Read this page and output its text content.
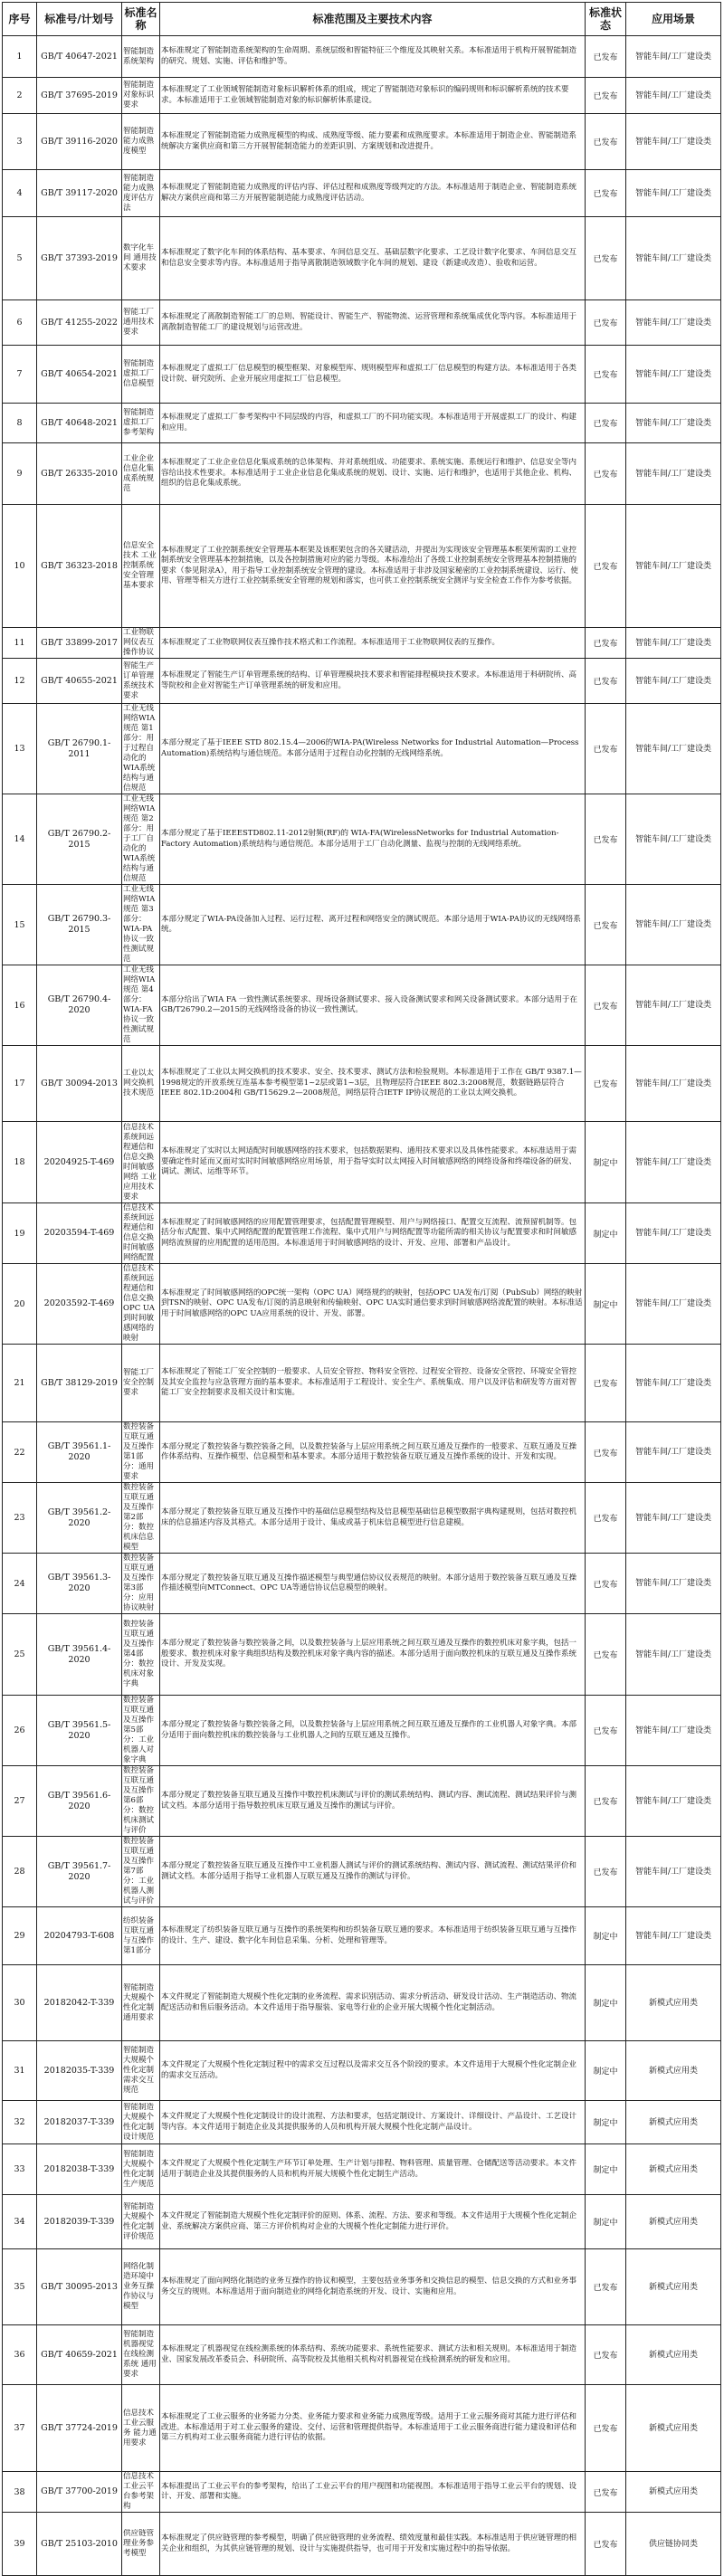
序号	标准号/计划号	标准名称	标准范围及主要技术内容	标准状态	应用场景

1	GB/T 40647-2021	智能制造系统架构	本标准规定了智能制造系统架构的生命周期、系统层级和智能特征三个维度及其映射关系。本标准适用于机构开展智能制造的研究、规划、实施、评估和维护等。	已发布	智能车间/工厂建设类

2	GB/T 37695-2019	智能制造对象标识要求	本标准规定了工业领域智能制造对象标识解析体系的组成，规定了智能制造对象标识的编码规则和标识解析系统的技术要求。本标准适用于工业领域智能制造对象的标识解析体系建设。	已发布	智能车间/工厂建设类

3	GB/T 39116-2020	智能制造能力成熟度模型	本标准规定了智能制造能力成熟度模型的构成、成熟度等级、能力要素和成熟度要求。本标准适用于制造企业、智能制造系统解决方案供应商和第三方开展智能制造能力的差距识别、方案规划和改进提升。	已发布	智能车间/工厂建设类

4	GB/T 39117-2020	智能制造能力成熟度评估方法	本标准规定了智能制造能力成熟度的评估内容、评估过程和成熟度等级判定的方法。本标准适用于制造企业、智能制造系统解决方案供应商和第三方开展智能制造能力成熟度评估活动。	已发布	智能车间/工厂建设类

5	GB/T 37393-2019	数字化车间 通用技术要求	本标准规定了数字化车间的体系结构、基本要求、车间信息交互、基础层数字化要求、工艺设计数字化要求、车间信息交互和信息安全要求等内容。本标准适用于指导离散制造领域数字化车间的规划、建设（新建或改造）、验收和运营。	已发布	智能车间/工厂建设类

6	GB/T 41255-2022	智能工厂通用技术要求	本标准规定了离散制造智能工厂的总则、智能设计、智能生产、智能物流、运营管理和系统集成优化等内容。本标准适用于离散制造智能工厂的建设规划与运营改进。	已发布	智能车间/工厂建设类

7	GB/T 40654-2021	智能制造 虚拟工厂信息模型	本标准规定了虚拟工厂信息模型的模型框架、对象模型库、规则模型库和虚拟工厂信息模型的构建方法。本标准适用于各类设计院、研究院所、企业开展应用虚拟工厂信息模型。	已发布	智能车间/工厂建设类

8	GB/T 40648-2021	智能制造 虚拟工厂参考架构	本标准规定了虚拟工厂参考架构中不同层级的内容，和虚拟工厂的不同功能实现。本标准适用于开展虚拟工厂的设计、构建和应用。	已发布	智能车间/工厂建设类

9	GB/T 26335-2010	工业企业信息化集成系统规范	本标准规定了工业企业信息化集成系统的总体架构、并对系统组成、功能要求、系统实施、系统运行和维护、信息安全等内容给出技术性要求。本标准适用于工业企业信息化集成系统的规划、设计、实施、运行和维护，也适用于其他企业、机构、组织的信息化集成系统。	已发布	智能车间/工厂建设类

10	GB/T 36323-2018	信息安全技术 工业控制系统安全管理基本要求	本标准规定了工业控制系统安全管理基本框架及该框架包含的各关键活动，并提出为实现该安全管理基本框架所需的工业控制系统安全管理基本控制措施，以及各控制措施对应的能力等级。本标准给出了各级工业控制系统安全管理基本控制措施的要求（参见附录A），用于指导工业控制系统安全管理的建设。本标准适用于非涉及国家秘密的工业控制系统建设、运行、使用、管理等相关方进行工业控制系统安全管理的规划和落实，也可供工业控制系统安全测评与安全检查工作作为参考依据。	已发布	智能车间/工厂建设类

11	GB/T 33899-2017	工业物联网仪表互操作协议	本标准规定了工业物联网仪表互操作技术格式和工作流程。本标准适用于工业物联网仪表的互操作。	已发布	智能车间/工厂建设类

12	GB/T 40655-2021	智能生产订单管理系统技术要求	本标准规定了智能生产订单管理系统的结构、订单管理模块技术要求和智能排程模块技术要求。本标准适用于科研院所、高等院校和企业对智能生产订单管理系统的研发和应用。	已发布	智能车间/工厂建设类

13	GB/T 26790.1-2011	工业无线网络WIA规范 第1部分：用于过程自动化的WIA系统结构与通信规范	本部分规定了基于IEEE STD 802.15.4—2006的WIA-PA(Wireless Networks for Industrial Automation—Process Automation)系统结构与通信规范。本部分适用于过程自动化控制的无线网络系统。	已发布	智能车间/工厂建设类

14	GB/T 26790.2-2015	工业无线网络WIA规范 第2部分：用于工厂自动化的WIA系统结构与通信规范	本部分规定了基于IEEESTD802.11-2012射频(RF)的 WIA-FA(WirelessNetworks for Industrial Automation-Factory Automation)系统结构与通信规范。本部分适用于工厂自动化测量、监视与控制的无线网络系统。	已发布	智能车间/工厂建设类

15	GB/T 26790.3-2015	工业无线网络WIA规范 第3部分：WIA-PA协议一致性测试规范	本部分规定了WIA-PA设备加入过程、运行过程、离开过程和网络安全的测试规范。本部分适用于WIA-PA协议的无线网络系统。	已发布	智能车间/工厂建设类

16	GB/T 26790.4-2020	工业无线网络WIA规范 第4部分：WIA-FA协议一致性测试规范	本部分给出了WIA FA 一致性测试系统要求、现场设备测试要求、接入设备测试要求和网关设备测试要求。本部分适用于在 GB/T26790.2—2015的无线网络设备的协议一致性测试。	已发布	智能车间/工厂建设类

17	GB/T 30094-2013	工业以太网交换机技术规范	本标准规定了工业以太网交换机的技术要求、安全、技术要求、测试方法和检验规则。本标准适用于工作在 GB/T 9387.1—1998规定的开放系统互连基本参考模型第1~2层或第1~3层，且物理层符合IEEE 802.3:2008规范，数据链路层符合IEEE 802.1D:2004和 GB/T15629.2—2008规范，网络层符合IETF IP协议规范的工业以太网交换机。	已发布	智能车间/工厂建设类

18	20204925-T-469	信息技术 系统间远程通信和信息交换 时间敏感网络 工业应用技术要求	本标准规定了实时以太网适配时间敏感网络的技术要求，包括数据架构、通用技术要求以及具体性能要求。本标准适用于需要确定性时延而又面对实时时间敏感网络应用场景，用于指导实时以太网接入时间敏感网络的网络设备和终端设备的研发、调试、测试、运维等环节。	制定中	智能车间/工厂建设类

19	20203594-T-469	信息技术 系统间远程通信和信息交换 时间敏感网络配置	本标准规定了时间敏感网络的应用配置管理要求，包括配置管理模型、用户与网络接口、配置交互流程、流预留机制等。包括分布式配置、集中式网络配置的配置管理工作流程、集中式用户与网络配置等功能所需的相关协议与配置要求和时间敏感网络流预留的应用配置的适用范围。本标准适用于时间敏感网络的设计、开发、应用、部署和产品设计。	制定中	智能车间/工厂建设类

20	20203592-T-469	信息技术 系统间远程通信和信息交换 OPC UA到时间敏感网络的映射	本标准规定了时间敏感网络的OPC统一架构（OPC UA）网络规约的映射，包括OPC UA发布/订阅（PubSub）网络的映射到TSN的映射、OPC UA发布/订阅的消息映射和传输映射、OPC UA实时通信要求到时间敏感网络流配置的映射。本标准适用于时间敏感网络的OPC UA应用系统的设计、开发、部署。	制定中	智能车间/工厂建设类

21	GB/T 38129-2019	智能工厂 安全控制要求	本标准规定了智能工厂安全控制的一般要求、人员安全管控、物料安全管控、过程安全管控、设备安全管控、环境安全管控及其安全监控与应急管理方面的基本要求。本标准适用于工程设计、安全生产、系统集成、用户以及评估和研发等方面对智能工厂安全控制要求及相关设计和实施。	已发布	智能车间/工厂建设类

22	GB/T 39561.1-2020	数控装备互联互通及互操作 第1部分：通用要求	本部分规定了数控装备与数控装备之间，以及数控装备与上层应用系统之间互联互通及互操作的一般要求、互联互通及互操作体系结构、互操作模型、信息模型和基本要求。本部分适用于数控装备互联互通及互操作系统的设计、开发和实现。	已发布	智能车间/工厂建设类

23	GB/T 39561.2-2020	数控装备互联互通及互操作 第2部分：数控机床信息模型	本部分规定了数控装备互联互通及互操作中的基础信息模型结构及信息模型基础信息模型数据字典构建规则，包括对数控机床的信息描述内容及其格式。本部分适用于设计、集成或基于机床信息模型进行信息建模。	已发布	智能车间/工厂建设类

24	GB/T 39561.3-2020	数控装备互联互通及互操作 第3部分：应用协议映射	本部分规定了数控装备互联互通及互操作描述模型与典型通信协议仪表规范的映射。本部分适用于数控装备互联互通及互操作描述模型向MTConnect、OPC UA等通信协议信息模型的映射。	已发布	智能车间/工厂建设类

25	GB/T 39561.4-2020	数控装备互联互通及互操作 第4部分：数控机床对象字典	本部分规定了数控装备与数控装备之间，以及数控装备与上层应用系统之间互联互通及互操作的数控机床对象字典，包括一般要求、数控机床对象字典组织结构及数控机床对象字典内容的描述。本部分适用于面向数控机床的互联互通及互操作系统设计、开发及实现。	已发布	智能车间/工厂建设类

26	GB/T 39561.5-2020	数控装备互联互通及互操作 第5部分：工业机器人对象字典	本部分规定了数控装备与数控装备之间，以及数控装备与上层应用系统之间互联互通及互操作的工业机器人对象字典。本部分适用于面向数控机床的数控装备与工业机器人之间的互联互通及互操作。	已发布	智能车间/工厂建设类

27	GB/T 39561.6-2020	数控装备互联互通及互操作 第6部分：数控机床测试与评价	本部分规定了数控装备互联互通及互操作中数控机床测试与评价的测试系统结构、测试内容、测试流程、测试结果评价与测试文档。本部分适用于指导数控机床互联互通及互操作的测试与评价。	已发布	智能车间/工厂建设类

28	GB/T 39561.7-2020	数控装备互联互通及互操作 第7部分：工业机器人测试与评价	本部分规定了数控装备互联互通及互操作中工业机器人测试与评价的测试系统结构、测试内容、测试流程、测试结果评价和测试文档。本部分适用于指导工业机器人互联互通及互操作的测试与评价。	已发布	智能车间/工厂建设类

29	20204793-T-608	纺织装备互联互通与互操作 第1部分	本标准规定了纺织装备互联互通与互操作的系统架构和纺织装备互联互通的要求。本标准适用于纺织装备互联互通与互操作的设计、生产、建设、数字化车间信息采集、分析、处理和管理等。	制定中	智能车间/工厂建设类

30	20182042-T-339	智能制造 大规模个性化定制 通用要求	本文件规定了智能制造大规模个性化定制的业务流程、需求识别活动、需求分析活动、研发设计活动、生产制造活动、物流配送活动和售后服务活动。本文件适用于指导服装、家电等行业的企业开展大规模个性化定制活动。	制定中	新模式应用类

31	20182035-T-339	智能制造 大规模个性化定制 需求交互规范	本文件规定了大规模个性化定制过程中的需求交互过程以及需求交互各个阶段的要求。本文件适用于大规模个性化定制企业的需求交互活动。	制定中	新模式应用类

32	20182037-T-339	智能制造 大规模个性化定制 设计规范	本文件规定了大规模个性化定制设计的设计流程、方法和要求，包括定制设计、方案设计、详细设计、产品设计、工艺设计等内容。本文件适用于制造企业及其提供服务的人员和机构开展大规模个性化定制产品设计。	制定中	新模式应用类

33	20182038-T-339	智能制造 大规模个性化定制 生产规范	本文件规定了大规模个性化定制生产环节订单处理、生产计划与排程、物料管理、质量管理、仓储配送等活动要求。本文件适用于制造企业及其提供服务的人员和机构开展大规模个性化定制生产活动。	制定中	新模式应用类

34	20182039-T-339	智能制造 大规模个性化定制 评价规范	本文件规定了智能制造大规模个性化定制评价的原则、体系、流程、方法、要求和等级。本文件适用于大规模个性化定制企业、系统解决方案供应商、第三方评价机构对企业的大规模个性化定制能力进行评价。	制定中	新模式应用类

35	GB/T 30095-2013	网络化制造环境中业务互操作协议与模型	本标准规定了面向网络化制造的业务互操作的协议和模型，主要包括业务事务和交换信息的模型、信息交换的方式和业务事务交互的规则。本标准适用于面向制造业的网络化制造系统的开发、设计、实施和应用。	已发布	新模式应用类

36	GB/T 40659-2021	智能制造 机器视觉在线检测系统 通用要求	本标准规定了机器视觉在线检测系统的体系结构、系统功能要求、系统性能要求、测试方法和相关规则。本标准适用于制造业、国家发展改革委员会、科研院所、高等院校及其他相关机构对机器视觉在线检测系统的研发和应用。	已发布	新模式应用类

37	GB/T 37724-2019	信息技术 工业云服务 能力通用要求	本标准规定了工业云服务的业务能力分类、业务能力要求和业务能力成熟度等级。适用于工业云服务商对其能力进行评估和改进。本标准适用于对工业云服务的建设、交付、运营和管理提供指导。本标准适用于工业云服务商进行能力建设和评估和第三方机构对工业云服务商能力进行评估的依据。	已发布	新模式应用类

38	GB/T 37700-2019	信息技术 工业云平台参考架构	本标准提出了工业云平台的参考架构，给出了工业云平台的用户视图和功能视图。本标准适用于指导工业云平台的规划、设计、开发、部署和实施。	已发布	新模式应用类

39	GB/T 25103-2010	供应链管理业务参考模型	本标准规定了供应链管理的参考模型，明确了供应链管理的业务流程、绩效度量和最佳实践。本标准适用于供应链管理的相关企业和组织，为其供应链管理的规划、设计与实施提供指导，也可用于开发和实施过程中的指导依据。	已发布	供应链协同类
